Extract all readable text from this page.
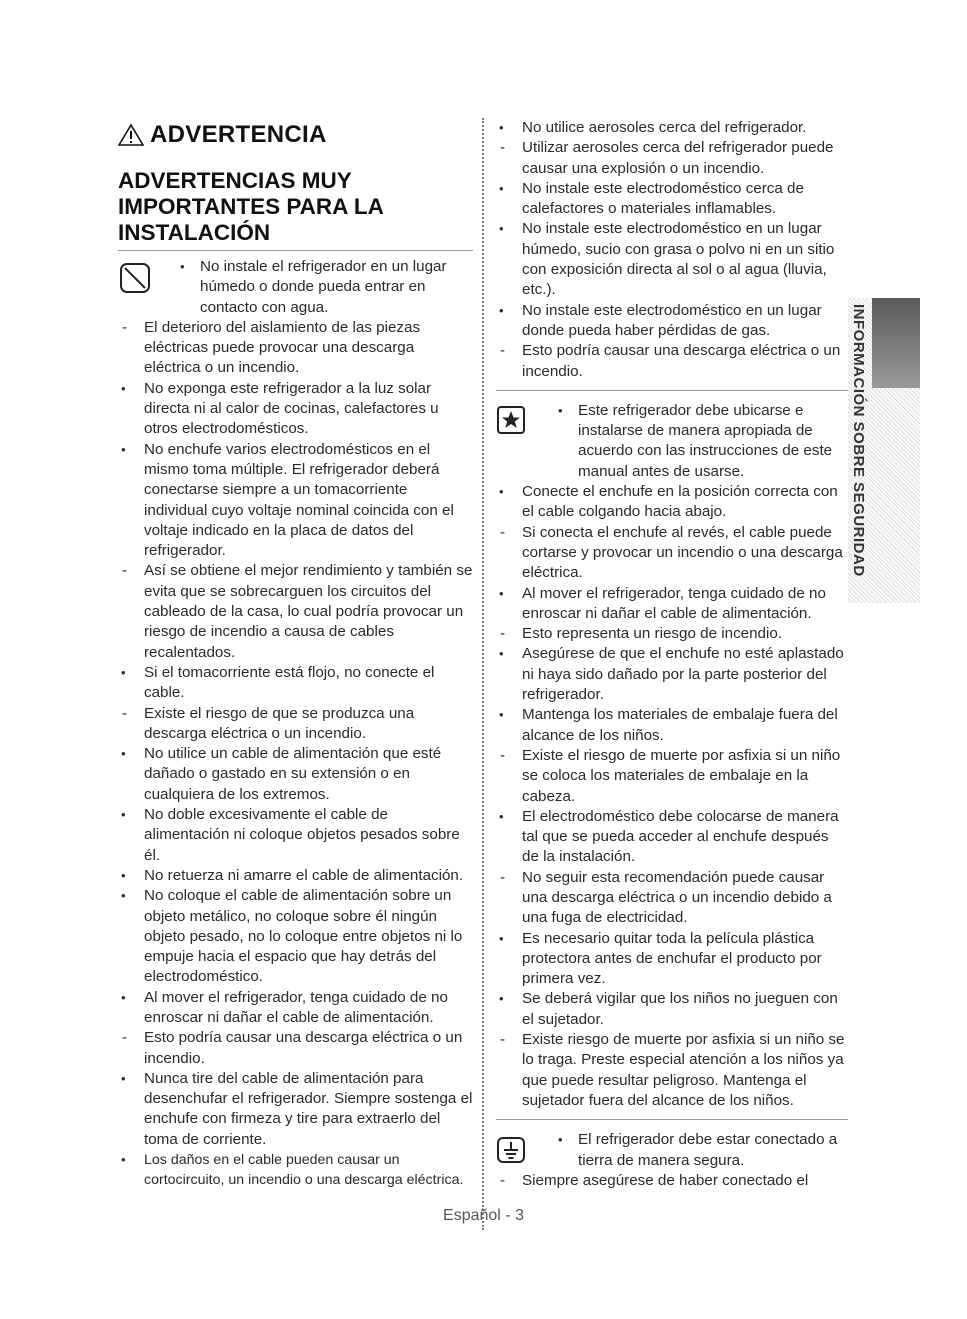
ADVERTENCIA
ADVERTENCIAS MUY IMPORTANTES PARA LA INSTALACIÓN
•	No instale el refrigerador en un lugar húmedo o donde pueda entrar en contacto con agua.
-	El deterioro del aislamiento de las piezas eléctricas puede provocar una descarga eléctrica o un incendio.
•	No exponga este refrigerador a la luz solar directa ni al calor de cocinas, calefactores u otros electrodomésticos.
•	No enchufe varios electrodomésticos en el mismo toma múltiple. El refrigerador deberá conectarse siempre a un tomacorriente individual cuyo voltaje nominal coincida con el voltaje indicado en la placa de datos del refrigerador.
-	Así se obtiene el mejor rendimiento y también se evita que se sobrecarguen los circuitos del cableado de la casa, lo cual podría provocar un riesgo de incendio a causa de cables recalentados.
•	Si el tomacorriente está flojo, no conecte el cable.
-	Existe el riesgo de que se produzca una descarga eléctrica o un incendio.
•	No utilice un cable de alimentación que esté dañado o gastado en su extensión o en cualquiera de los extremos.
•	No doble excesivamente el cable de alimentación ni coloque objetos pesados sobre él.
•	No retuerza ni amarre el cable de alimentación.
•	No coloque el cable de alimentación sobre un objeto metálico, no coloque sobre él ningún objeto pesado, no lo coloque entre objetos ni lo empuje hacia el espacio que hay detrás del electrodoméstico.
•	Al mover el refrigerador, tenga cuidado de no enroscar ni dañar el cable de alimentación.
-	Esto podría causar una descarga eléctrica o un incendio.
•	Nunca tire del cable de alimentación para desenchufar el refrigerador. Siempre sostenga el enchufe con firmeza y tire para extraerlo del toma de corriente.
•	Los daños en el cable pueden causar un cortocircuito, un incendio o una descarga eléctrica.
•	No utilice aerosoles cerca del refrigerador.
-	Utilizar aerosoles cerca del refrigerador puede causar una explosión o un incendio.
•	No instale este electrodoméstico cerca de calefactores o materiales inflamables.
•	No instale este electrodoméstico en un lugar húmedo, sucio con grasa o polvo ni en un sitio con exposición directa al sol o al agua (lluvia, etc.).
•	No instale este electrodoméstico en un lugar donde pueda haber pérdidas de gas.
-	Esto podría causar una descarga eléctrica o un incendio.
•	Este refrigerador debe ubicarse e instalarse de manera apropiada de acuerdo con las instrucciones de este manual antes de usarse.
•	Conecte el enchufe en la posición correcta con el cable colgando hacia abajo.
-	Si conecta el enchufe al revés, el cable puede cortarse y provocar un incendio o una descarga eléctrica.
•	Al mover el refrigerador, tenga cuidado de no enroscar ni dañar el cable de alimentación.
-	Esto representa un riesgo de incendio.
•	Asegúrese de que el enchufe no esté aplastado ni haya sido dañado por la parte posterior del refrigerador.
•	Mantenga los materiales de embalaje fuera del alcance de los niños.
-	Existe el riesgo de muerte por asfixia si un niño se coloca los materiales de embalaje en la cabeza.
•	El electrodoméstico debe colocarse de manera tal que se pueda acceder al enchufe después de la instalación.
-	No seguir esta recomendación puede causar una descarga eléctrica o un incendio debido a una fuga de electricidad.
•	Es necesario quitar toda la película plástica protectora antes de enchufar el producto por primera vez.
•	Se deberá vigilar que los niños no jueguen con el sujetador.
-	Existe riesgo de muerte por asfixia si un niño se lo traga. Preste especial atención a los niños ya que puede resultar peligroso. Mantenga el sujetador fuera del alcance de los niños.
•	El refrigerador debe estar conectado a tierra de manera segura.
-	Siempre asegúrese de haber conectado el
INFORMACIÓN SOBRE SEGURIDAD
Español - 3
